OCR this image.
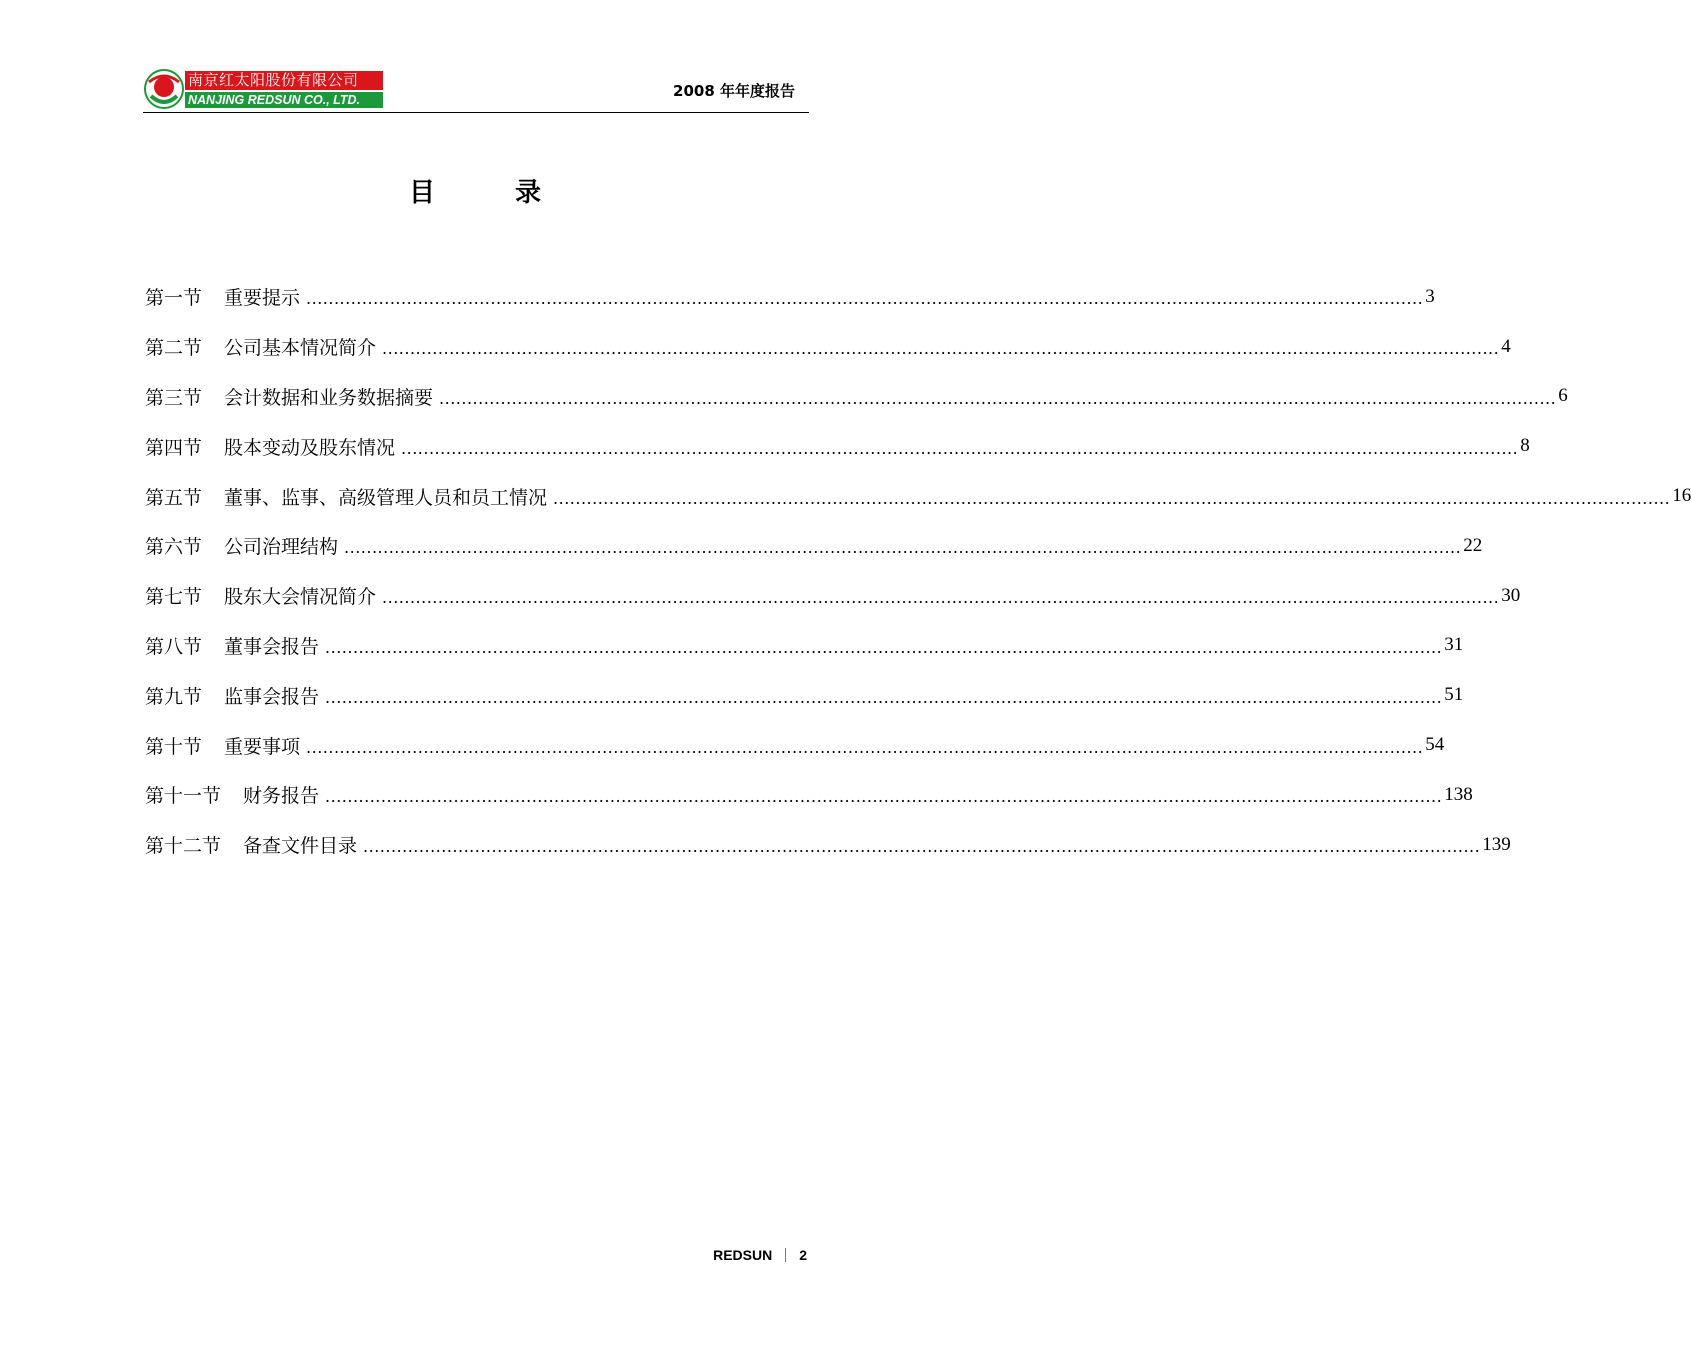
南京红太阳股份有限公司
NANJING REDSUN CO., LTD.	2008 年年度报告
目录
第一节 重要提示 ........................................................................................................................................................................................................ 3
第二节 公司基本情况简介 ........................................................................................................................................................................................................ 4
第三节 会计数据和业务数据摘要 ........................................................................................................................................................................................................ 6
第四节 股本变动及股东情况 ........................................................................................................................................................................................................ 8
第五节 董事、监事、高级管理人员和员工情况 ........................................................................................................................................................................................................ 16
第六节 公司治理结构 ........................................................................................................................................................................................................ 22
第七节 股东大会情况简介 ........................................................................................................................................................................................................ 30
第八节 董事会报告 ........................................................................................................................................................................................................ 31
第九节 监事会报告 ........................................................................................................................................................................................................ 51
第十节 重要事项 ........................................................................................................................................................................................................ 54
第十一节 财务报告 ........................................................................................................................................................................................................ 138
第十二节 备查文件目录 ........................................................................................................................................................................................................ 139
REDSUN 2
